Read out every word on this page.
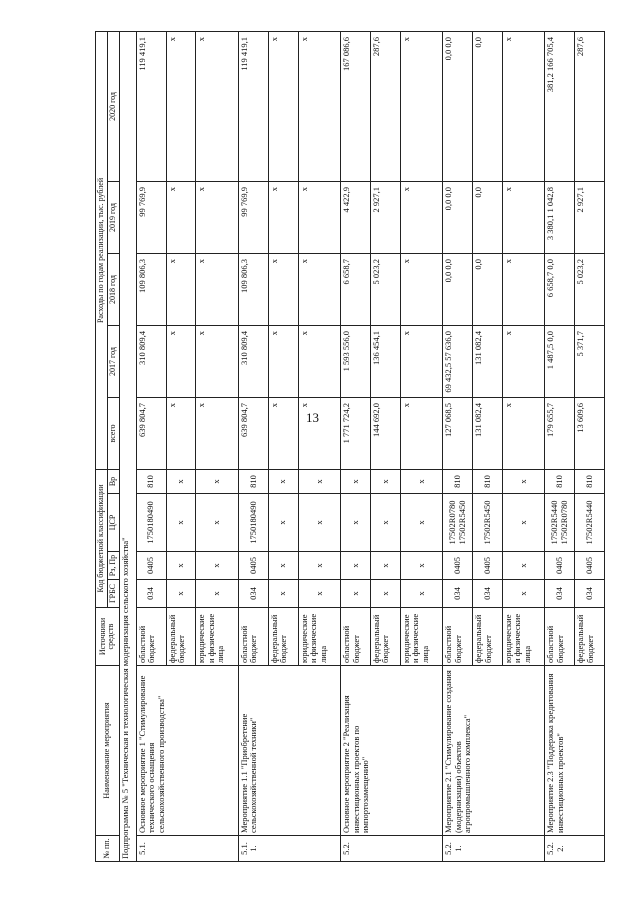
13
№ пп.	Наименование мероприятия	Источники средств	Код бюджетной классификации				Расходы по годам реализации, тыс. рублей				
			ГРБС	Рз, Пр	ЦСР	Вр	всего	2017 год	2018 год	2019 год	2020 год
Подпрограмма № 5 "Техническая и технологическая модернизация сельского хозяйства"											
5.1.	Основное мероприятие 1 "Стимулирование технического оснащения сельскохозяйственного производства"	областной бюджет	034	0405	1750180490	810	639 804,7	310 809,4	109 806,3	99 769,9	119 419,1
		федеральный бюджет	x	x	x	x	x	x	x	x	x
		юридические и физические лица	x	x	x	x	x	x	x	x	x
5.1. 1.	Мероприятие 1.1 "Приобретение сельскохозяйственной техники"	областной бюджет	034	0405	1750180490	810	639 804,7	310 809,4	109 806,3	99 769,9	119 419,1
		федеральный бюджет	x	x	x	x	x	x	x	x	x
		юридические и физические лица	x	x	x	x	x	x	x	x	x
5.2.	Основное мероприятие 2 "Реализация инвестиционных проектов по импортозамещению"	областной бюджет	x	x	x	x	1 771 724,2	1 593 556,0	6 658,7	4 422,9	167 086,6
		федеральный бюджет	x	x	x	x	144 692,0	136 454,1	5 023,2	2 927,1	287,6
		юридические и физические лица	x	x	x	x	x	x	x	x	x
5.2. 1.	Мероприятие 2.1 "Стимулирование создания (модернизации) объектов агропромышленного комплекса"	областной бюджет	034	0405	17502R0780 17502R5450	810	127 068,5	69 432,5 57 636,0	0,0 0,0	0,0 0,0	0,0 0,0
		федеральный бюджет	034	0405	17502R5450	810	131 082,4	131 082,4	0,0	0,0	0,0
		юридические и физические лица	x	x	x	x	x	x	x	x	x
5.2. 2.	Мероприятие 2.3 "Поддержка кредитования инвестиционных проектов"	областной бюджет	034	0405	17502R5440 17502R0780	810	179 655,7	1 487,5 0,0	6 658,7 0,0	3 380,1 1 042,8	381,2 166 705,4
		федеральный бюджет	034	0405	17502R5440	810	13 609,6	5 371,7	5 023,2	2 927,1	287,6
